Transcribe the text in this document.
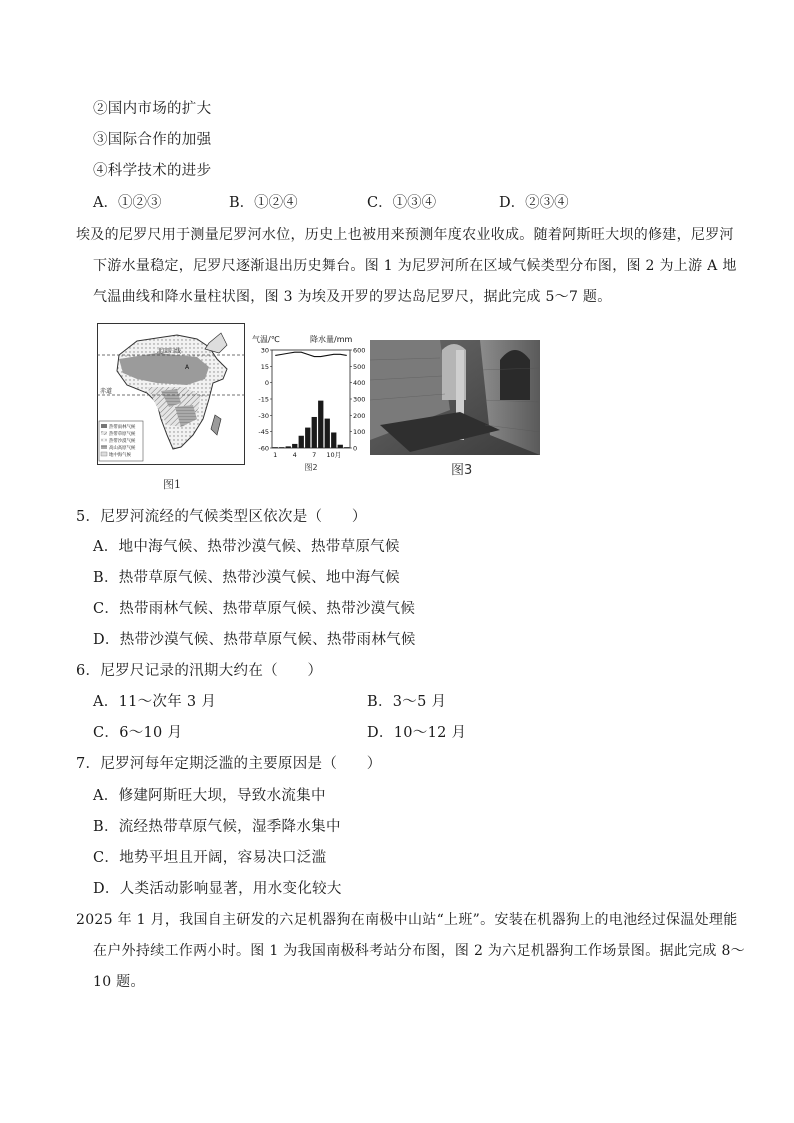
②国内市场的扩大
③国际合作的加强
④科学技术的进步
A．①②③	B．①②④	C．①③④	D．②③④
埃及的尼罗尺用于测量尼罗河水位，历史上也被用来预测年度农业收成。随着阿斯旺大坝的修建，尼罗河
下游水量稳定，尼罗尺逐渐退出历史舞台。图 1 为尼罗河所在区域气候类型分布图，图 2 为上游 A 地
气温曲线和降水量柱状图，图 3 为埃及开罗的罗达岛尼罗尺，据此完成 5～7 题。
北回归线
赤道
A
热带雨林气候
热带草原气候
热带沙漠气候
高山高原气候
地中海气候
图1
气温/℃	降水量/mm
30
15
0
-15
-30
-45
-60
600
500
400
300
200
100
0
1 4 7 10月
图2	图3
5．尼罗河流经的气候类型区依次是（　　）
A．地中海气候、热带沙漠气候、热带草原气候
B．热带草原气候、热带沙漠气候、地中海气候
C．热带雨林气候、热带草原气候、热带沙漠气候
D．热带沙漠气候、热带草原气候、热带雨林气候
6．尼罗尺记录的汛期大约在（　　）
A．11～次年 3 月	B．3～5 月
C．6～10 月	D．10～12 月
7．尼罗河每年定期泛滥的主要原因是（　　）
A．修建阿斯旺大坝，导致水流集中
B．流经热带草原气候，湿季降水集中
C．地势平坦且开阔，容易决口泛滥
D．人类活动影响显著，用水变化较大
2025 年 1 月，我国自主研发的六足机器狗在南极中山站“上班”。安装在机器狗上的电池经过保温处理能
在户外持续工作两小时。图 1 为我国南极科考站分布图，图 2 为六足机器狗工作场景图。据此完成 8～
10 题。
